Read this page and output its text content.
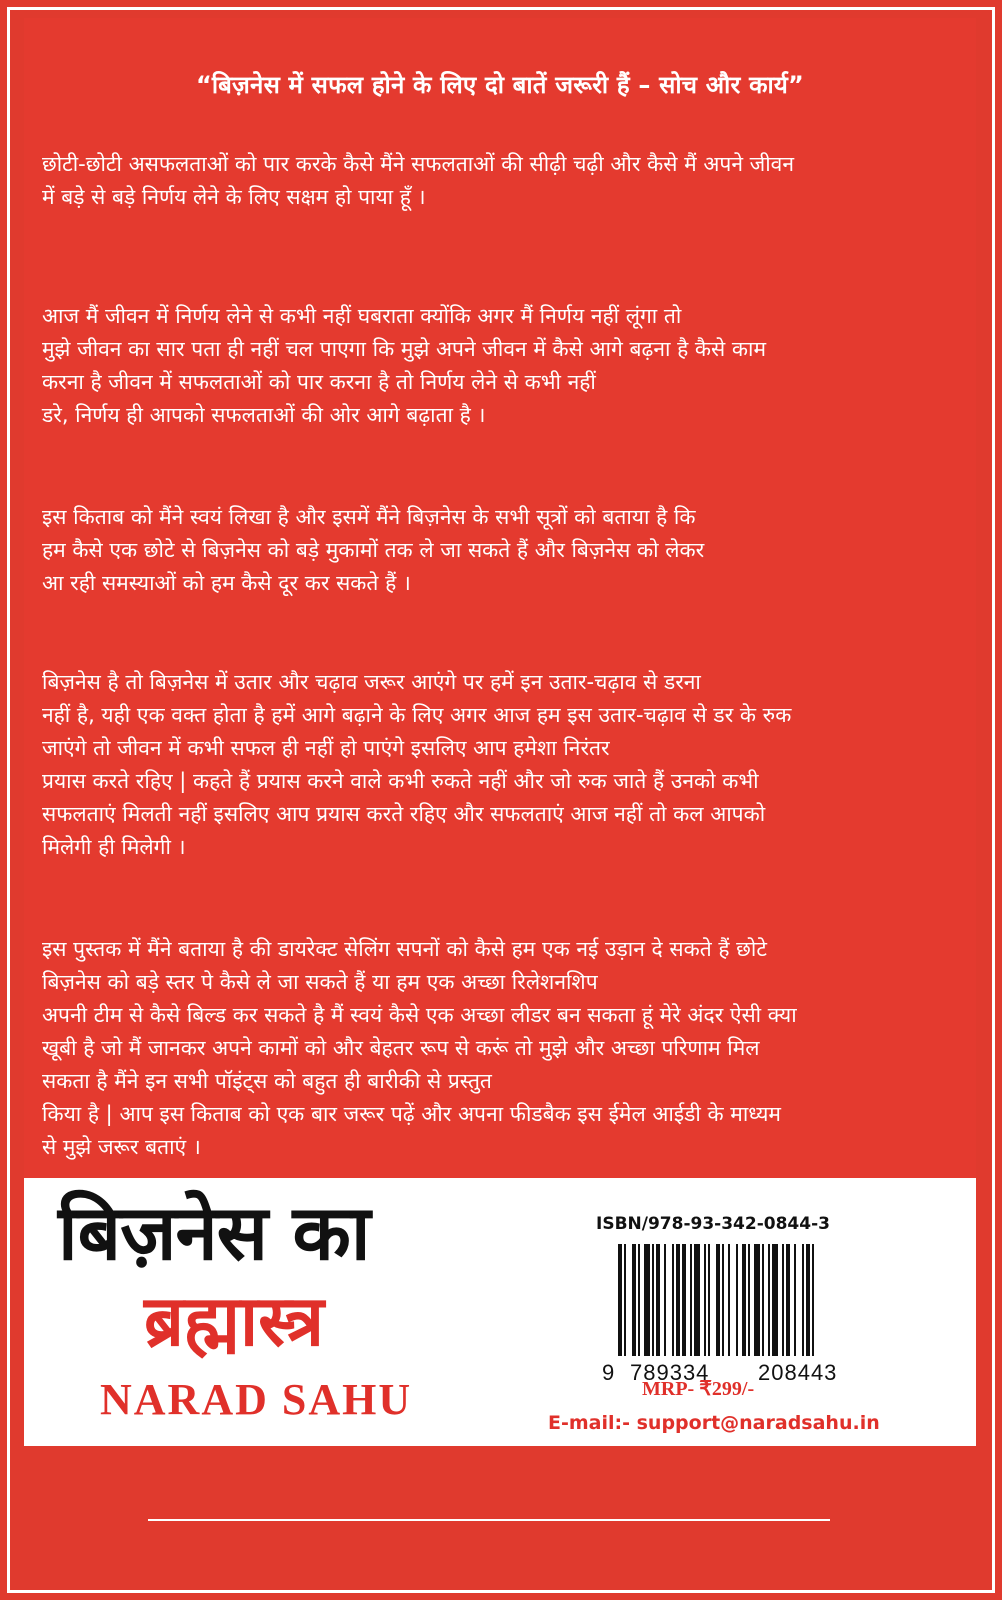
“बिज़नेस में सफल होने के लिए दो बातें जरूरी हैं – सोच और कार्य”

छोटी-छोटी असफलताओं को पार करके कैसे मैंने सफलताओं की सीढ़ी चढ़ी और कैसे मैं अपने जीवन
में बड़े से बड़े निर्णय लेने के लिए सक्षम हो पाया हूँ ।

आज मैं जीवन में निर्णय लेने से कभी नहीं घबराता क्योंकि अगर मैं निर्णय नहीं लूंगा तो
मुझे जीवन का सार पता ही नहीं चल पाएगा कि मुझे अपने जीवन में कैसे आगे बढ़ना है कैसे काम
करना है जीवन में सफलताओं को पार करना है तो निर्णय लेने से कभी नहीं
डरे, निर्णय ही आपको सफलताओं की ओर आगे बढ़ाता है ।

इस किताब को मैंने स्वयं लिखा है और इसमें मैंने बिज़नेस के सभी सूत्रों को बताया है कि
हम कैसे एक छोटे से बिज़नेस को बड़े मुकामों तक ले जा सकते हैं और बिज़नेस को लेकर
आ रही समस्याओं को हम कैसे दूर कर सकते हैं ।

बिज़नेस है तो बिज़नेस में उतार और चढ़ाव जरूर आएंगे पर हमें इन उतार-चढ़ाव से डरना
नहीं है, यही एक वक्त होता है हमें आगे बढ़ाने के लिए अगर आज हम इस उतार-चढ़ाव से डर के रुक
जाएंगे तो जीवन में कभी सफल ही नहीं हो पाएंगे इसलिए आप हमेशा निरंतर
प्रयास करते रहिए | कहते हैं प्रयास करने वाले कभी रुकते नहीं और जो रुक जाते हैं उनको कभी
सफलताएं मिलती नहीं इसलिए आप प्रयास करते रहिए और सफलताएं आज नहीं तो कल आपको
मिलेगी ही मिलेगी ।

इस पुस्तक में मैंने बताया है की डायरेक्ट सेलिंग सपनों को कैसे हम एक नई उड़ान दे सकते हैं छोटे
बिज़नेस को बड़े स्तर पे कैसे ले जा सकते हैं या हम एक अच्छा रिलेशनशिप
अपनी टीम से कैसे बिल्ड कर सकते है मैं स्वयं कैसे एक अच्छा लीडर बन सकता हूं मेरे अंदर ऐसी क्या
खूबी है जो मैं जानकर अपने कामों को और बेहतर रूप से करूं तो मुझे और अच्छा परिणाम मिल
सकता है मैंने इन सभी पॉइंट्स को बहुत ही बारीकी से प्रस्तुत
किया है | आप इस किताब को एक बार जरूर पढ़ें और अपना फीडबैक इस ईमेल आईडी के माध्यम
से मुझे जरूर बताएं ।

बिज़नेस का
ब्रह्मास्त्र
NARAD SAHU
ISBN/978-93-342-0844-3
9 789334 208443
MRP- ₹299/-
E-mail:- support@naradsahu.in
